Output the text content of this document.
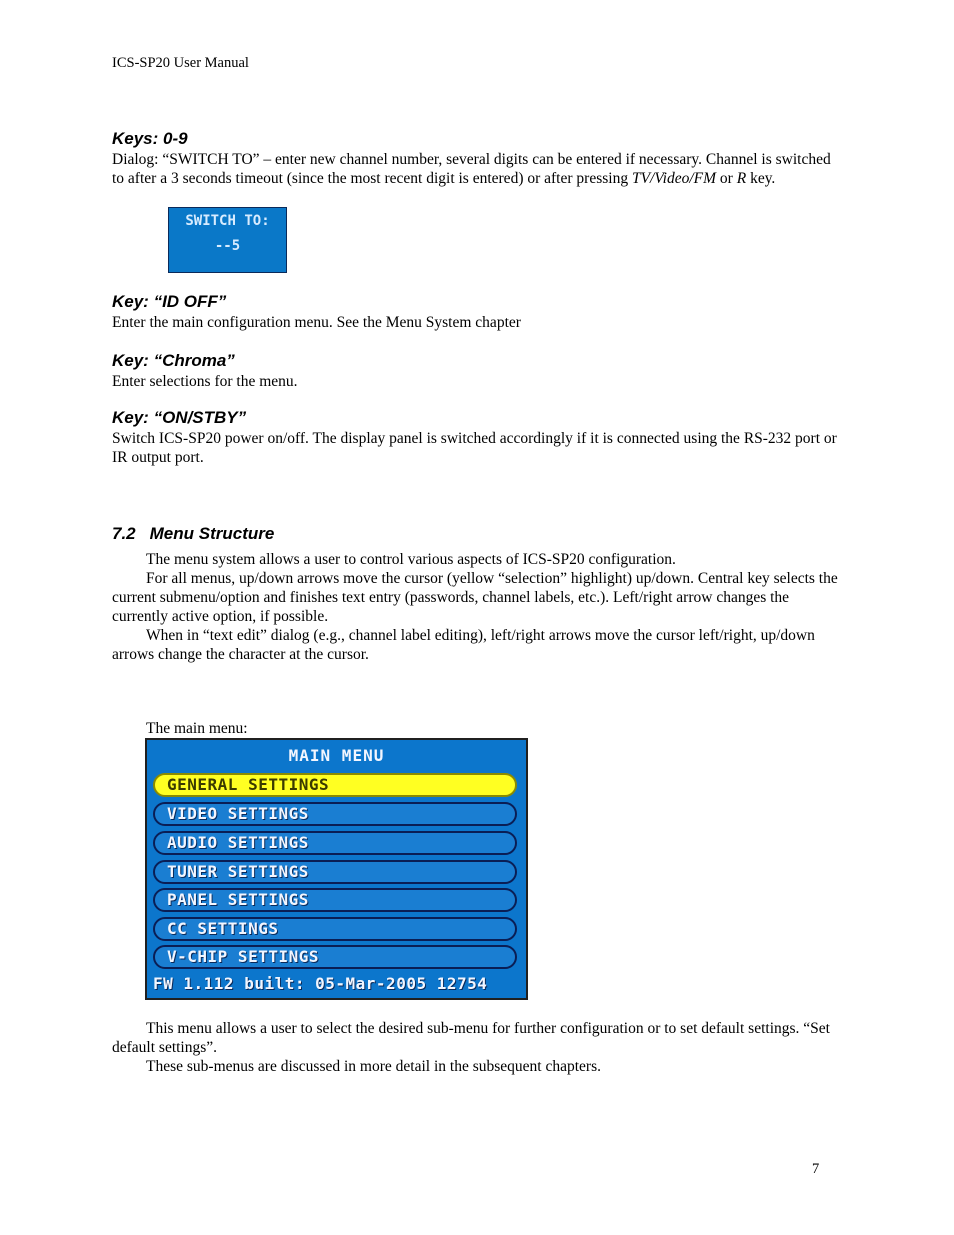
ICS-SP20 User Manual
Keys: 0-9
Dialog: “SWITCH TO” – enter new channel number, several digits can be entered if necessary. Channel is switched to after a 3 seconds timeout (since the most recent digit is entered) or after pressing TV/Video/FM or R key.
SWITCH TO:
--5
Key: “ID OFF”
Enter the main configuration menu. See the Menu System chapter
Key: “Chroma”
Enter selections for the menu.
Key: “ON/STBY”
Switch ICS-SP20 power on/off. The display panel is switched accordingly if it is connected using the RS-232 port or IR output port.
7.2 Menu Structure
The menu system allows a user to control various aspects of ICS-SP20 configuration.
For all menus, up/down arrows move the cursor (yellow “selection” highlight) up/down. Central key selects the current submenu/option and finishes text entry (passwords, channel labels, etc.). Left/right arrow changes the currently active option, if possible.
When in “text edit” dialog (e.g., channel label editing), left/right arrows move the cursor left/right, up/down arrows change the character at the cursor.
The main menu:
MAIN MENU
GENERAL SETTINGS
VIDEO SETTINGS
AUDIO SETTINGS
TUNER SETTINGS
PANEL SETTINGS
CC SETTINGS
V-CHIP SETTINGS
FW 1.112 built: 05-Mar-2005 12754
This menu allows a user to select the desired sub-menu for further configuration or to set default settings. “Set default settings”.
These sub-menus are discussed in more detail in the subsequent chapters.
7
